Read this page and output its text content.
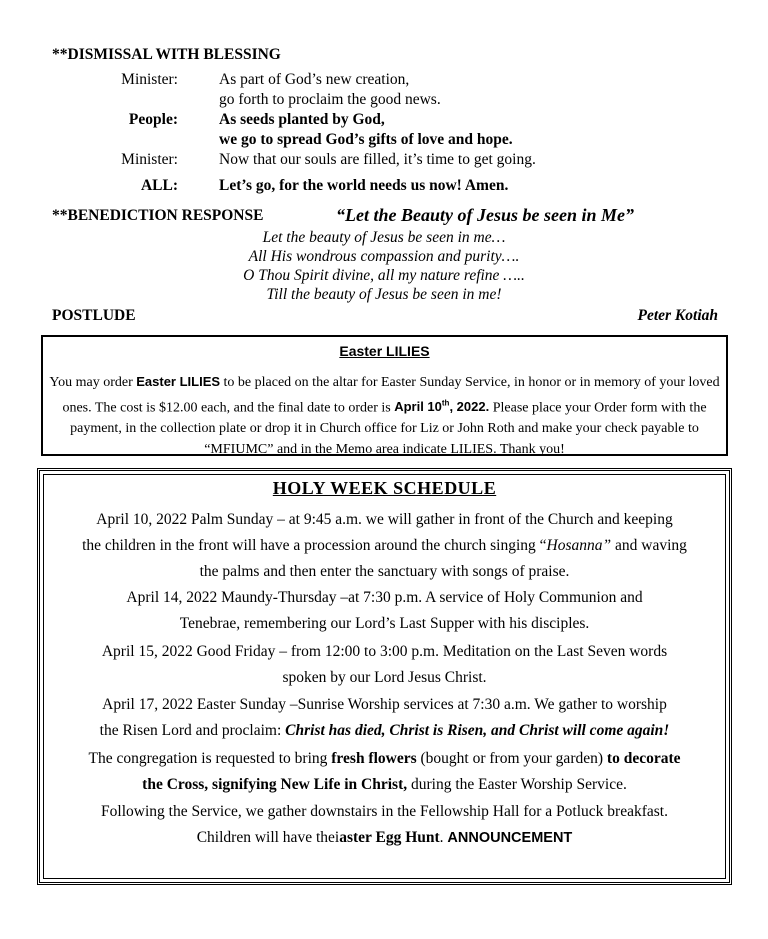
**DISMISSAL WITH BLESSING
Minister:	As part of God’s new creation,
go forth to proclaim the good news.
People:	As seeds planted by God,
we go to spread God’s gifts of love and hope.
Minister:	Now that our souls are filled, it’s time to get going.
ALL:	Let’s go, for the world needs us now! Amen.
**BENEDICTION RESPONSE	“Let the Beauty of Jesus be seen in Me”
Let the beauty of Jesus be seen in me…
All His wondrous compassion and purity….
O Thou Spirit divine, all my nature refine …..
Till the beauty of Jesus be seen in me!
POSTLUDE	Peter Kotiah
Easter LILIES
You may order Easter LILIES to be placed on the altar for Easter Sunday Service, in honor or in memory of your loved ones. The cost is $12.00 each, and the final date to order is April 10th, 2022. Please place your Order form with the payment, in the collection plate or drop it in Church office for Liz or John Roth and make your check payable to “MFIUMC” and in the Memo area indicate LILIES. Thank you!
HOLY WEEK SCHEDULE
April 10, 2022 Palm Sunday – at 9:45 a.m. we will gather in front of the Church and keeping
the children in the front will have a procession around the church singing “Hosanna” and waving
the palms and then enter the sanctuary with songs of praise.
April 14, 2022 Maundy-Thursday –at 7:30 p.m. A service of Holy Communion and
Tenebrae, remembering our Lord’s Last Supper with his disciples.
April 15, 2022 Good Friday – from 12:00 to 3:00 p.m. Meditation on the Last Seven words
spoken by our Lord Jesus Christ.
April 17, 2022 Easter Sunday –Sunrise Worship services at 7:30 a.m. We gather to worship
the Risen Lord and proclaim: Christ has died, Christ is Risen, and Christ will come again!
The congregation is requested to bring fresh flowers (bought or from your garden) to decorate
the Cross, signifying New Life in Christ, during the Easter Worship Service.
Following the Service, we gather downstairs in the Fellowship Hall for a Potluck breakfast.
Children will have theiaster Egg Hunt. ANNOUNCEMENT
